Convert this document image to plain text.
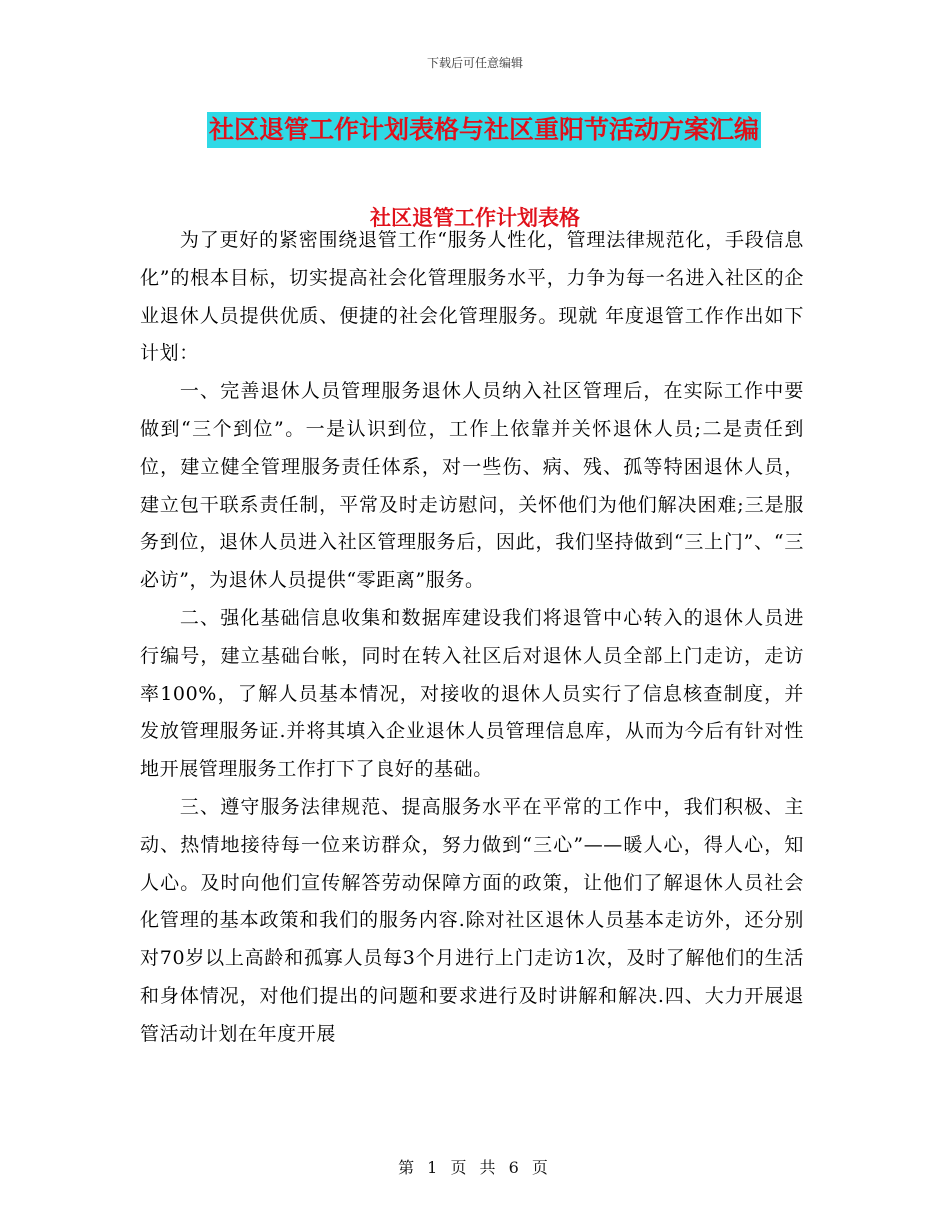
下载后可任意编辑
社区退管工作计划表格与社区重阳节活动方案汇编
社区退管工作计划表格

为了更好的紧密围绕退管工作“服务人性化，管理法律规范化，手段信息化”的根本目标，切实提高社会化管理服务水平，力争为每一名进入社区的企业退休人员提供优质、便捷的社会化管理服务。现就 年度退管工作作出如下计划：

一、完善退休人员管理服务退休人员纳入社区管理后，在实际工作中要做到“三个到位”。一是认识到位，工作上依靠并关怀退休人员;二是责任到位，建立健全管理服务责任体系，对一些伤、病、残、孤等特困退休人员，建立包干联系责任制，平常及时走访慰问，关怀他们为他们解决困难;三是服务到位，退休人员进入社区管理服务后，因此，我们坚持做到“三上门”、“三必访”，为退休人员提供“零距离”服务。

二、强化基础信息收集和数据库建设我们将退管中心转入的退休人员进行编号，建立基础台帐，同时在转入社区后对退休人员全部上门走访，走访率100%，了解人员基本情况，对接收的退休人员实行了信息核查制度，并发放管理服务证.并将其填入企业退休人员管理信息库，从而为今后有针对性地开展管理服务工作打下了良好的基础。

三、遵守服务法律规范、提高服务水平在平常的工作中，我们积极、主动、热情地接待每一位来访群众，努力做到“三心”——暖人心，得人心，知人心。及时向他们宣传解答劳动保障方面的政策，让他们了解退休人员社会化管理的基本政策和我们的服务内容.除对社区退休人员基本走访外，还分别对70岁以上高龄和孤寡人员每3个月进行上门走访1次，及时了解他们的生活和身体情况，对他们提出的问题和要求进行及时讲解和解决.四、大力开展退管活动计划在年度开展

第 1 页 共 6 页
